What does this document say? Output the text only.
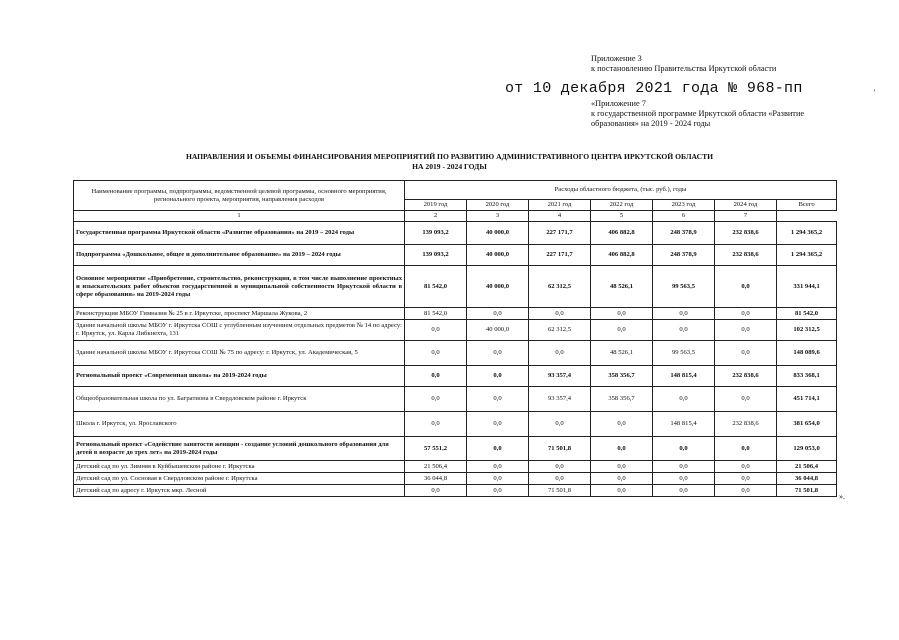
Приложение 3
к постановлению Правительства Иркутской области
от 10 декабря 2021 года № 968-пп	'
«Приложение 7
к государственной программе Иркутской области «Развитие
образования» на 2019 - 2024 годы
НАПРАВЛЕНИЯ И ОБЪЕМЫ ФИНАНСИРОВАНИЯ МЕРОПРИЯТИЙ ПО РАЗВИТИЮ АДМИНИСТРАТИВНОГО ЦЕНТРА ИРКУТСКОЙ ОБЛАСТИ
НА 2019 - 2024 ГОДЫ
Наименование программы, подпрограммы, ведомственной целевой программы, основного мероприятия, регионального проекта, мероприятия, направления расходов	Расходы областного бюджета, (тыс. руб.), годы						
	2019 год	2020 год	2021 год	2022 год	2023 год	2024 год	Всего
1	2	3	4	5	6	7	
Государственная программа Иркутской области «Развитие образования» на 2019 – 2024 годы	139 093,2	40 000,0	227 171,7	406 882,8	248 378,9	232 838,6	1 294 365,2
Подпрограмма «Дошкольное, общее и дополнительное образование» на 2019 – 2024 годы	139 093,2	40 000,0	227 171,7	406 882,8	248 378,9	232 838,6	1 294 365,2
Основное мероприятие «Приобретение, строительство, реконструкция, в том числе выполнение проектных и изыскательских работ объектов государственной и муниципальной собственности Иркутской области в сфере образования» на 2019-2024 годы	81 542,0	40 000,0	62 312,5	48 526,1	99 563,5	0,0	331 944,1
Реконструкция МБОУ Гимназия № 25 в г. Иркутске, проспект Маршала Жукова, 2	81 542,0	0,0	0,0	0,0	0,0	0,0	81 542,0
Здание начальной школы МБОУ г. Иркутска СОШ с углубленным изучением отдельных предметов № 14 по адресу: г. Иркутск, ул. Карла Либкнехта, 131	0,0	40 000,0	62 312,5	0,0	0,0	0,0	102 312,5
Здание начальной школы МБОУ г. Иркутска СОШ № 75 по адресу: г. Иркутск, ул. Академическая, 5	0,0	0,0	0,0	48 526,1	99 563,5	0,0	148 089,6
Региональный проект «Современная школа» на 2019-2024 годы	0,0	0,0	93 357,4	358 356,7	148 815,4	232 838,6	833 368,1
Общеобразовательная школа по ул. Багратиона в Свердловском районе г. Иркутск	0,0	0,0	93 357,4	358 356,7	0,0	0,0	451 714,1
Школа г. Иркутск, ул. Ярославского	0,0	0,0	0,0	0,0	148 815,4	232 838,6	381 654,0
Региональный проект «Содействие занятости женщин - создание условий дошкольного образования для детей в возрасте до трех лет» на 2019-2024 годы	57 551,2	0,0	71 501,8	0,0	0,0	0,0	129 053,0
Детский сад по ул. Зимняя в Куйбышевском районе г. Иркутска	21 506,4	0,0	0,0	0,0	0,0	0,0	21 506,4
Детский сад по ул. Сосновая в Свердловском районе г. Иркутска	36 044,8	0,0	0,0	0,0	0,0	0,0	36 044,8
Детский сад по адресу г. Иркутск мкр. Лесной	0,0	0,0	71 501,8	0,0	0,0	0,0	71 501,8
».
